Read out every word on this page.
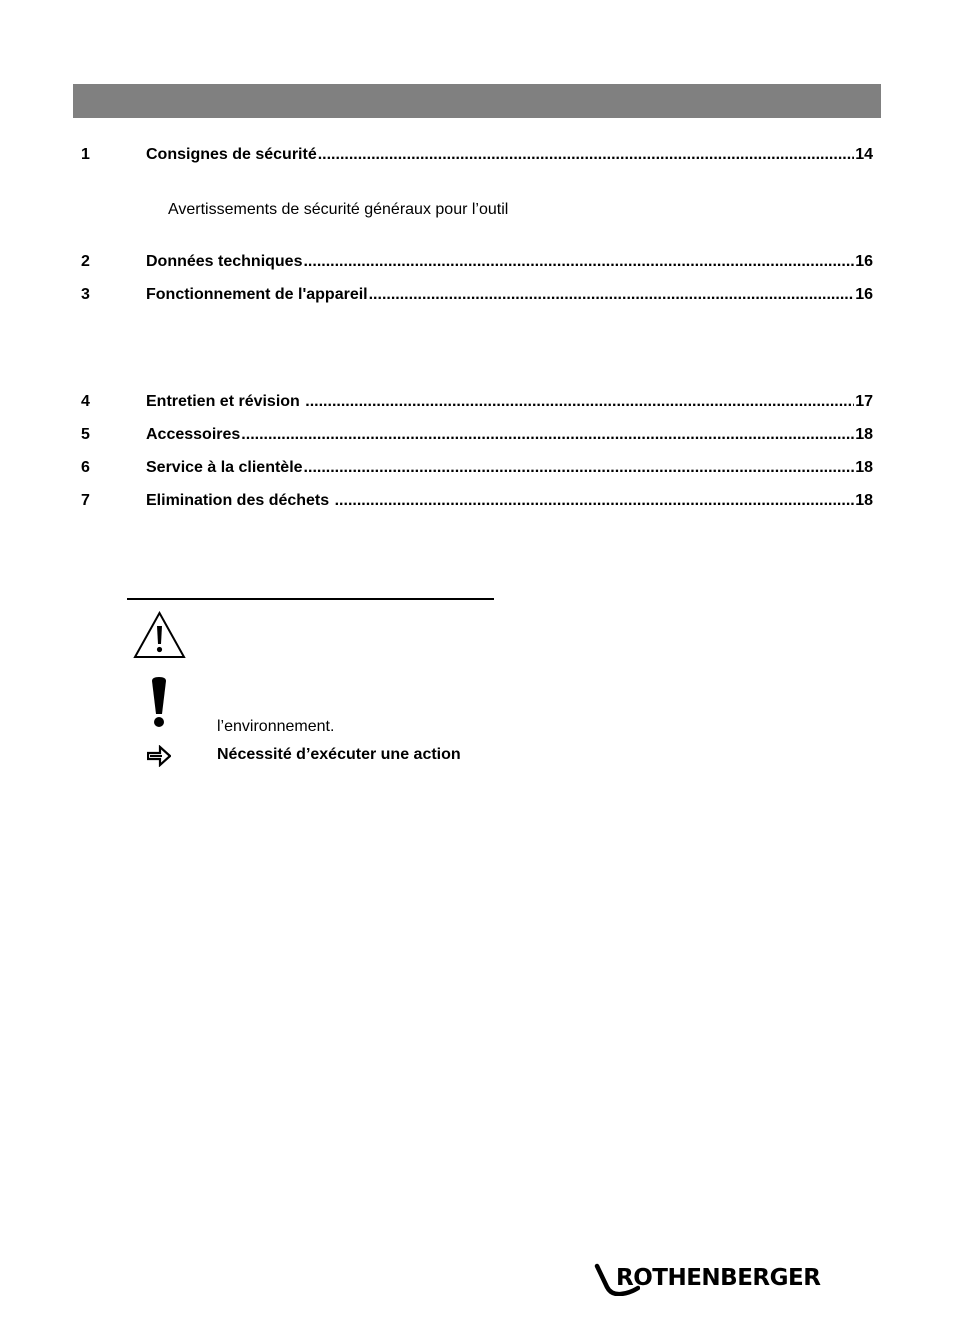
1	Consignes de sécurité .....	14
Avertissements de sécurité généraux pour l’outil
2	Données techniques .....	16
3	Fonctionnement de l'appareil .....	16
4	Entretien et révision .....	17
5	Accessoires .....	18
6	Service à la clientèle .....	18
7	Elimination des déchets .....	18
l’environnement.
Nécessité d’exécuter une action
ROTHENBERGER
